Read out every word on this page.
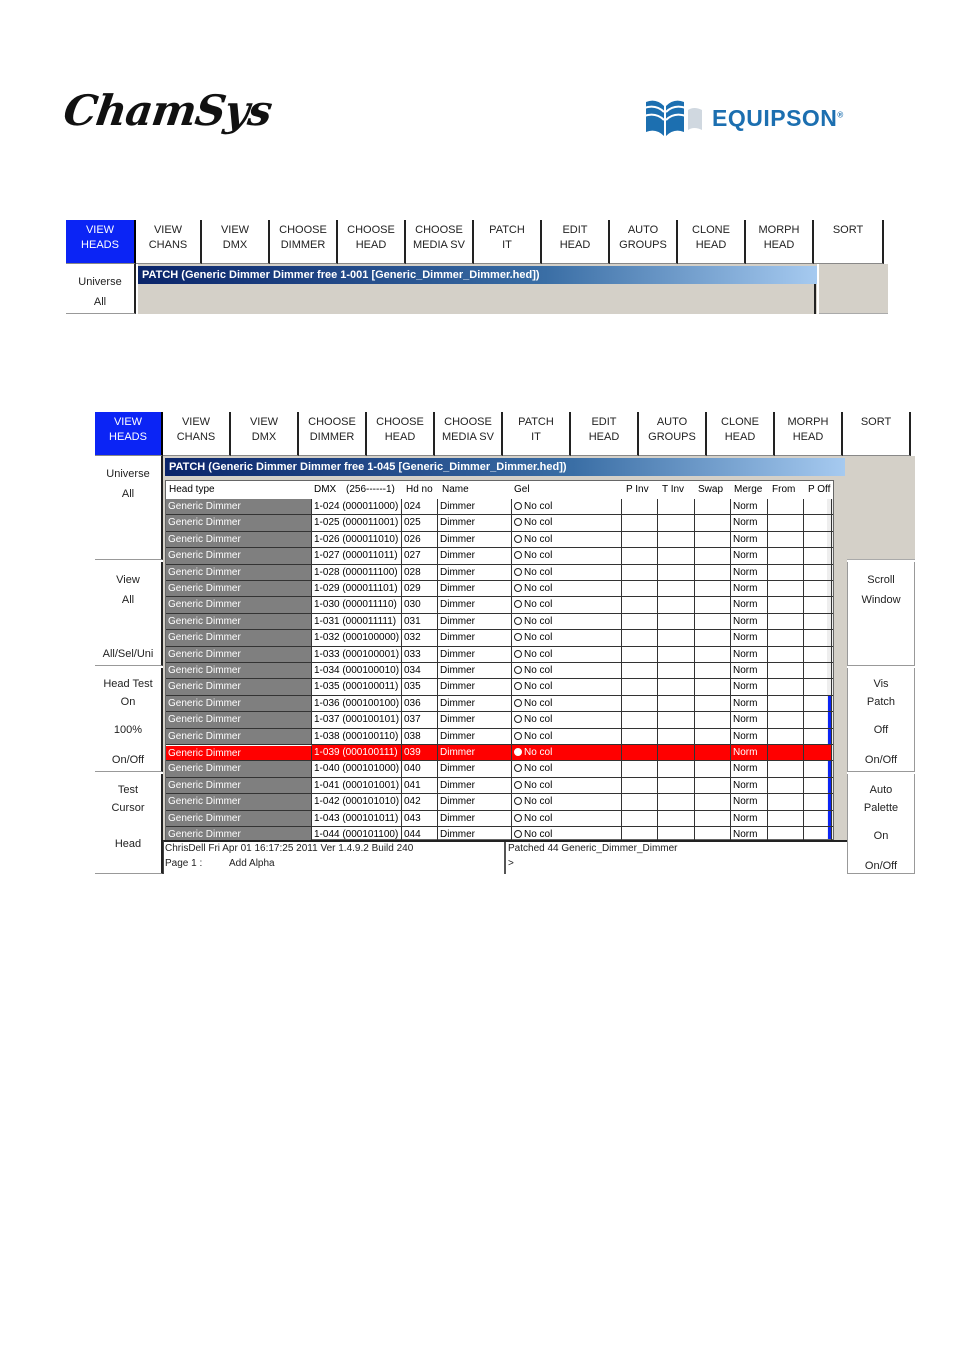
ChamSys	EQUIPSON®
VIEW
HEADS
VIEW
CHANS
VIEW
DMX
CHOOSE
DIMMER
CHOOSE
HEAD
CHOOSE
MEDIA SV
PATCH
IT
EDIT
HEAD
AUTO
GROUPS
CLONE
HEAD
MORPH
HEAD
SORT
Universe
All
PATCH (Generic Dimmer Dimmer free 1-001 [Generic_Dimmer_Dimmer.hed])
VIEW
HEADS
VIEW
CHANS
VIEW
DMX
CHOOSE
DIMMER
CHOOSE
HEAD
CHOOSE
MEDIA SV
PATCH
IT
EDIT
HEAD
AUTO
GROUPS
CLONE
HEAD
MORPH
HEAD
SORT
Universe
All
View
All
All/Sel/Uni
Head Test
On
100%
On/Off
Test
Cursor
Head
PATCH (Generic Dimmer Dimmer free 1-045 [Generic_Dimmer_Dimmer.hed])
Head type	DMX (256------1) Hd no Name	Gel	P Inv T Inv Swap Merge From P Off
Generic Dimmer	1-024 (000011000) 024	Dimmer	No col	Norm
Generic Dimmer	1-025 (000011001) 025	Dimmer	No col	Norm
Generic Dimmer	1-026 (000011010) 026	Dimmer	No col	Norm
Generic Dimmer	1-027 (000011011) 027	Dimmer	No col	Norm
Generic Dimmer	1-028 (000011100) 028	Dimmer	No col	Norm
Generic Dimmer	1-029 (000011101) 029	Dimmer	No col	Norm
Generic Dimmer	1-030 (000011110) 030	Dimmer	No col	Norm
Generic Dimmer	1-031 (000011111) 031	Dimmer	No col	Norm
Generic Dimmer	1-032 (000100000) 032	Dimmer	No col	Norm
Generic Dimmer	1-033 (000100001) 033	Dimmer	No col	Norm
Generic Dimmer	1-034 (000100010) 034	Dimmer	No col	Norm
Generic Dimmer	1-035 (000100011) 035	Dimmer	No col	Norm
Generic Dimmer	1-036 (000100100) 036	Dimmer	No col	Norm
Generic Dimmer	1-037 (000100101) 037	Dimmer	No col	Norm
Generic Dimmer	1-038 (000100110) 038	Dimmer	No col	Norm
Generic Dimmer	1-039 (000100111) 039	Dimmer	No col	Norm
Generic Dimmer	1-040 (000101000) 040	Dimmer	No col	Norm
Generic Dimmer	1-041 (000101001) 041	Dimmer	No col	Norm
Generic Dimmer	1-042 (000101010) 042	Dimmer	No col	Norm
Generic Dimmer	1-043 (000101011) 043	Dimmer	No col	Norm
Generic Dimmer	1-044 (000101100) 044	Dimmer	No col	Norm
ChrisDell Fri Apr 01 16:17:25 2011 Ver 1.4.9.2 Build 240
Page 1 :	Add Alpha
Patched 44 Generic_Dimmer_Dimmer
>
Scroll
Window
Vis
Patch
Off
On/Off
Auto
Palette
On
On/Off
